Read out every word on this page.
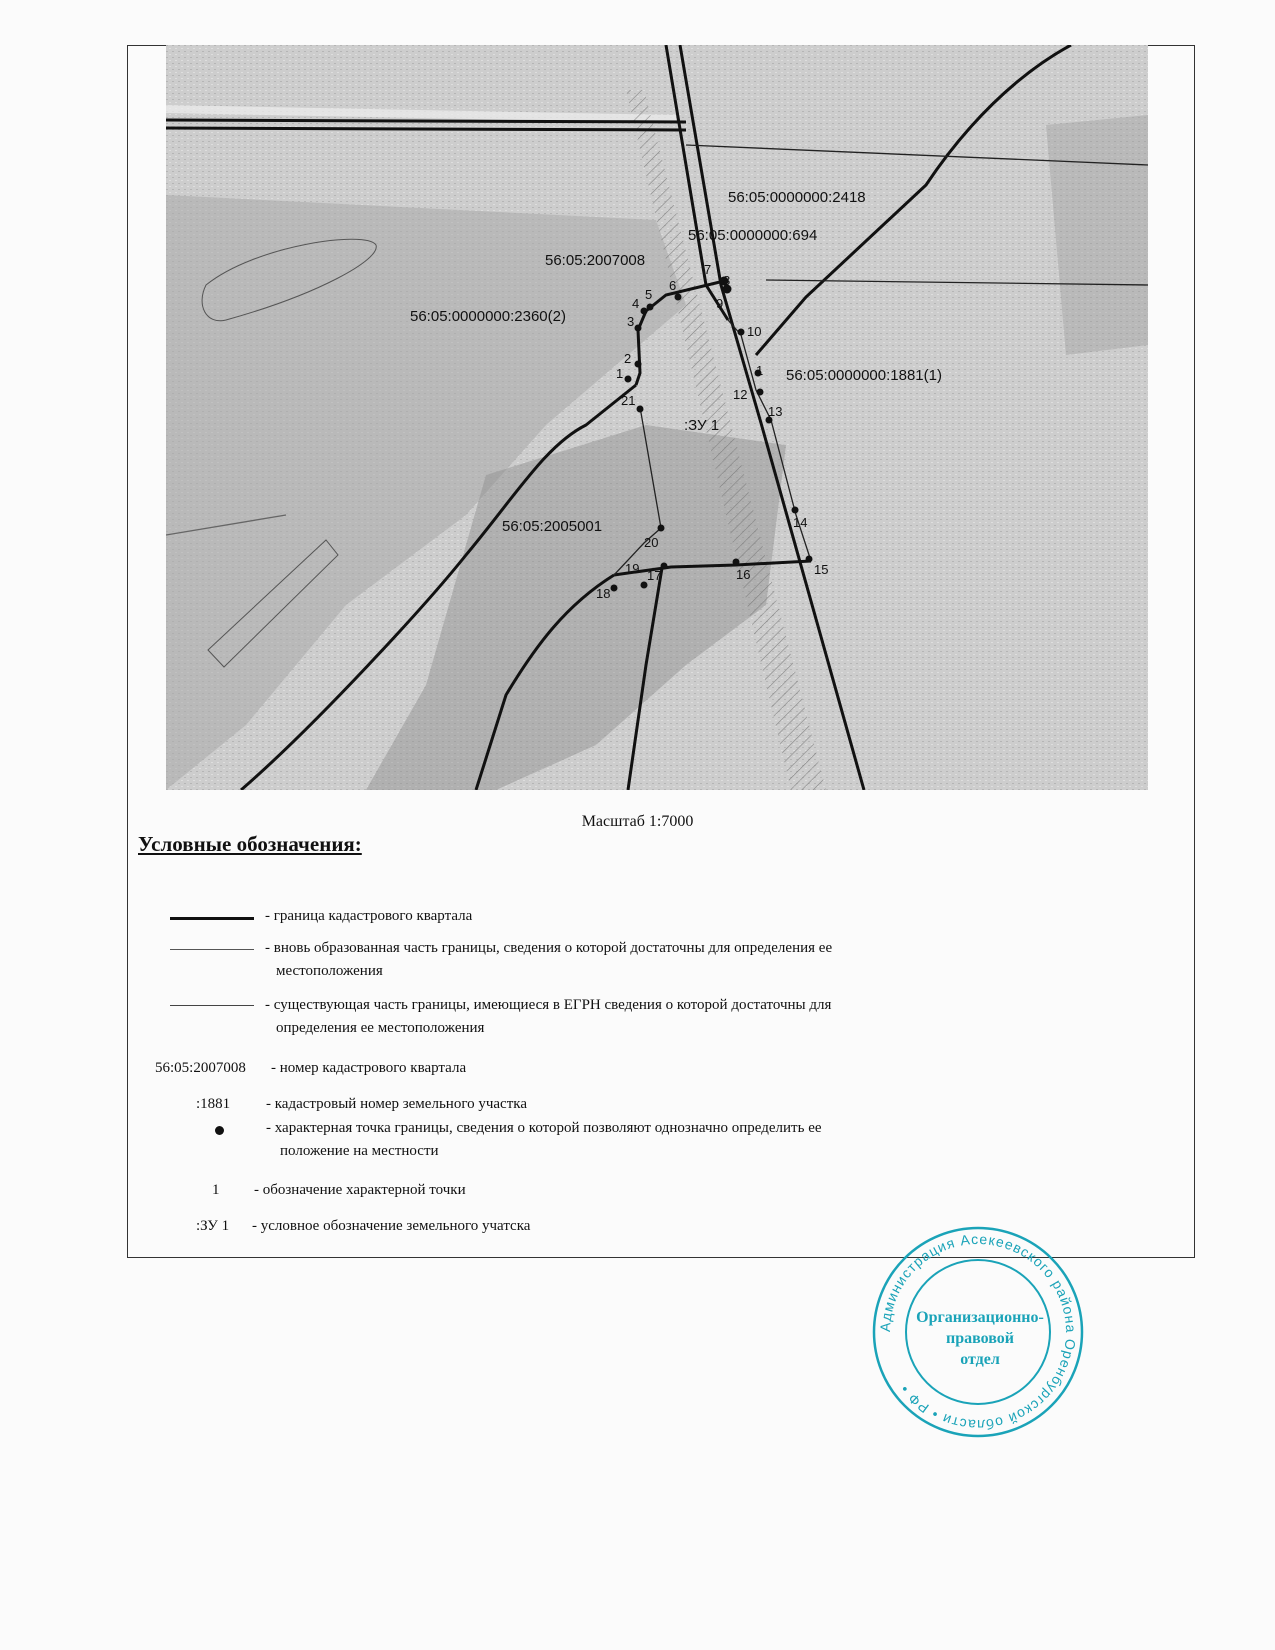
56:05:0000000:2418
56:05:0000000:694
56:05:2007008
56:05:0000000:2360(2)
56:05:0000000:1881(1)
56:05:2005001
:ЗУ 1
1
2
3
4
5
6
7
8
9
10
1
12
13
14
15
16
17
18
19
20
21
Масштаб 1:7000
Условные обозначения:
- граница кадастрового квартала
- вновь образованная часть границы, сведения о которой достаточны для определения ее
местоположения
- существующая часть границы, имеющиеся в ЕГРН сведения о которой достаточны для
определения ее местоположения
56:05:2007008 - номер кадастрового квартала
:1881 - кадастровый номер земельного участка
- характерная точка границы, сведения о которой позволяют однозначно определить ее
положение на местности
1 - обозначение характерной точки
:ЗУ 1 - условное обозначение земельного учатска
Администрация Асекеевского района Оренбургской области • РФ •
Организационно-
правовой
отдел
